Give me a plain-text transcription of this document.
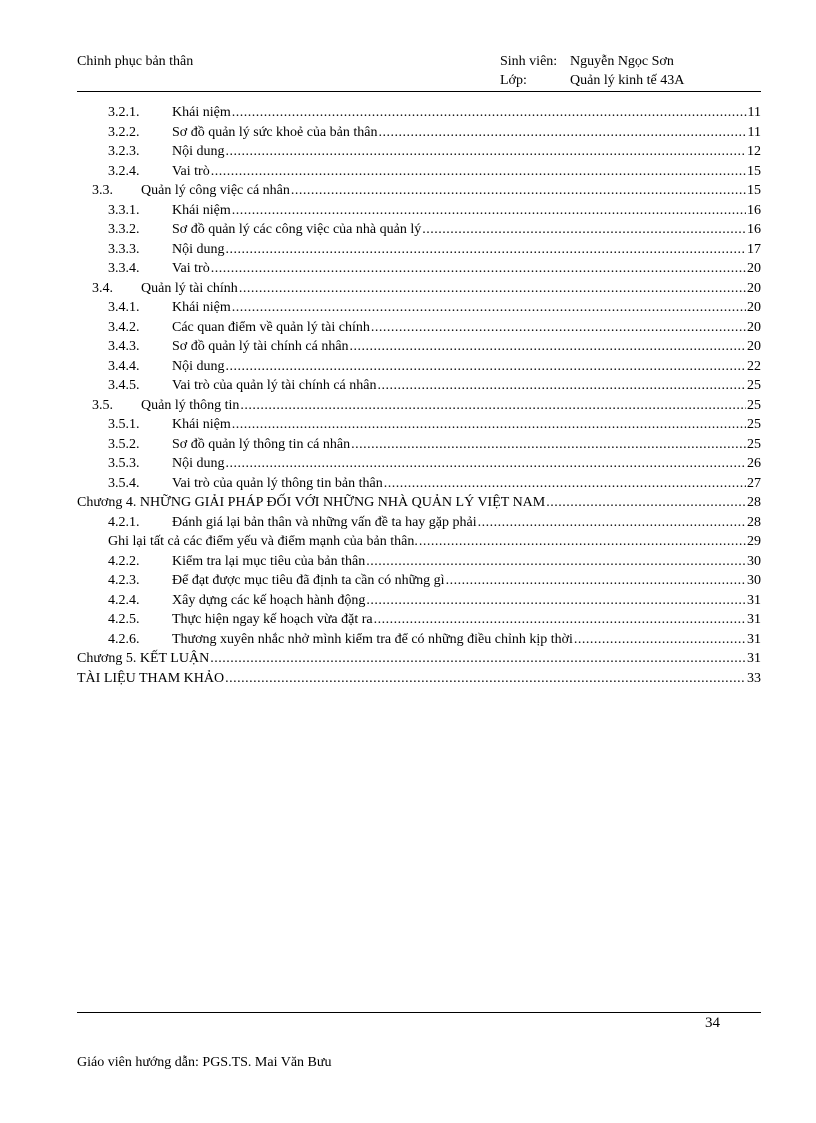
Chinh phục bản thân	Sinh viên: Nguyễn Ngọc Sơn
Lớp:	Quản lý kinh tế 43A
3.2.1. Khái niệm .....	11
3.2.2. Sơ đồ quản lý sức khoẻ của bản thân .....	11
3.2.3. Nội dung .....	12
3.2.4. Vai trò .....	15
3.3. Quản lý công việc cá nhân .....	15
3.3.1. Khái niệm .....	16
3.3.2. Sơ đồ quản lý các công việc của nhà quản lý .....	16
3.3.3. Nội dung .....	17
3.3.4. Vai trò .....	20
3.4. Quản lý tài chính .....	20
3.4.1. Khái niệm .....	20
3.4.2. Các quan điểm về quản lý tài chính .....	20
3.4.3. Sơ đồ quản lý tài chính cá nhân .....	20
3.4.4. Nội dung .....	22
3.4.5. Vai trò của quản lý tài chính cá nhân .....	25
3.5. Quản lý thông tin .....	25
3.5.1. Khái niệm .....	25
3.5.2. Sơ đồ quản lý thông tin cá nhân .....	25
3.5.3. Nội dung .....	26
3.5.4. Vai trò của quản lý thông tin bản thân .....	27
Chương 4. NHỮNG GIẢI PHÁP ĐỐI VỚI NHỮNG NHÀ QUẢN LÝ VIỆT NAM .....	28
4.2.1. Đánh giá lại bản thân và những vấn đề ta hay gặp phải .....	28
Ghi lại tất cả các điểm yếu và điểm mạnh của bản thân. .....	29
4.2.2. Kiểm tra lại mục tiêu của bản thân .....	30
4.2.3. Để đạt được mục tiêu đã định ta cần có những gì .....	30
4.2.4. Xây dựng các kế hoạch hành động .....	31
4.2.5. Thực hiện ngay kế hoạch vừa đặt ra .....	31
4.2.6. Thương xuyên nhắc nhở mình kiểm tra để có những điều chỉnh kịp thời .....	31
Chương 5. KẾT LUẬN .....	31
TÀI LIỆU THAM KHẢO .....	33
34
Giáo viên hướng dẫn: PGS.TS. Mai Văn Bưu
